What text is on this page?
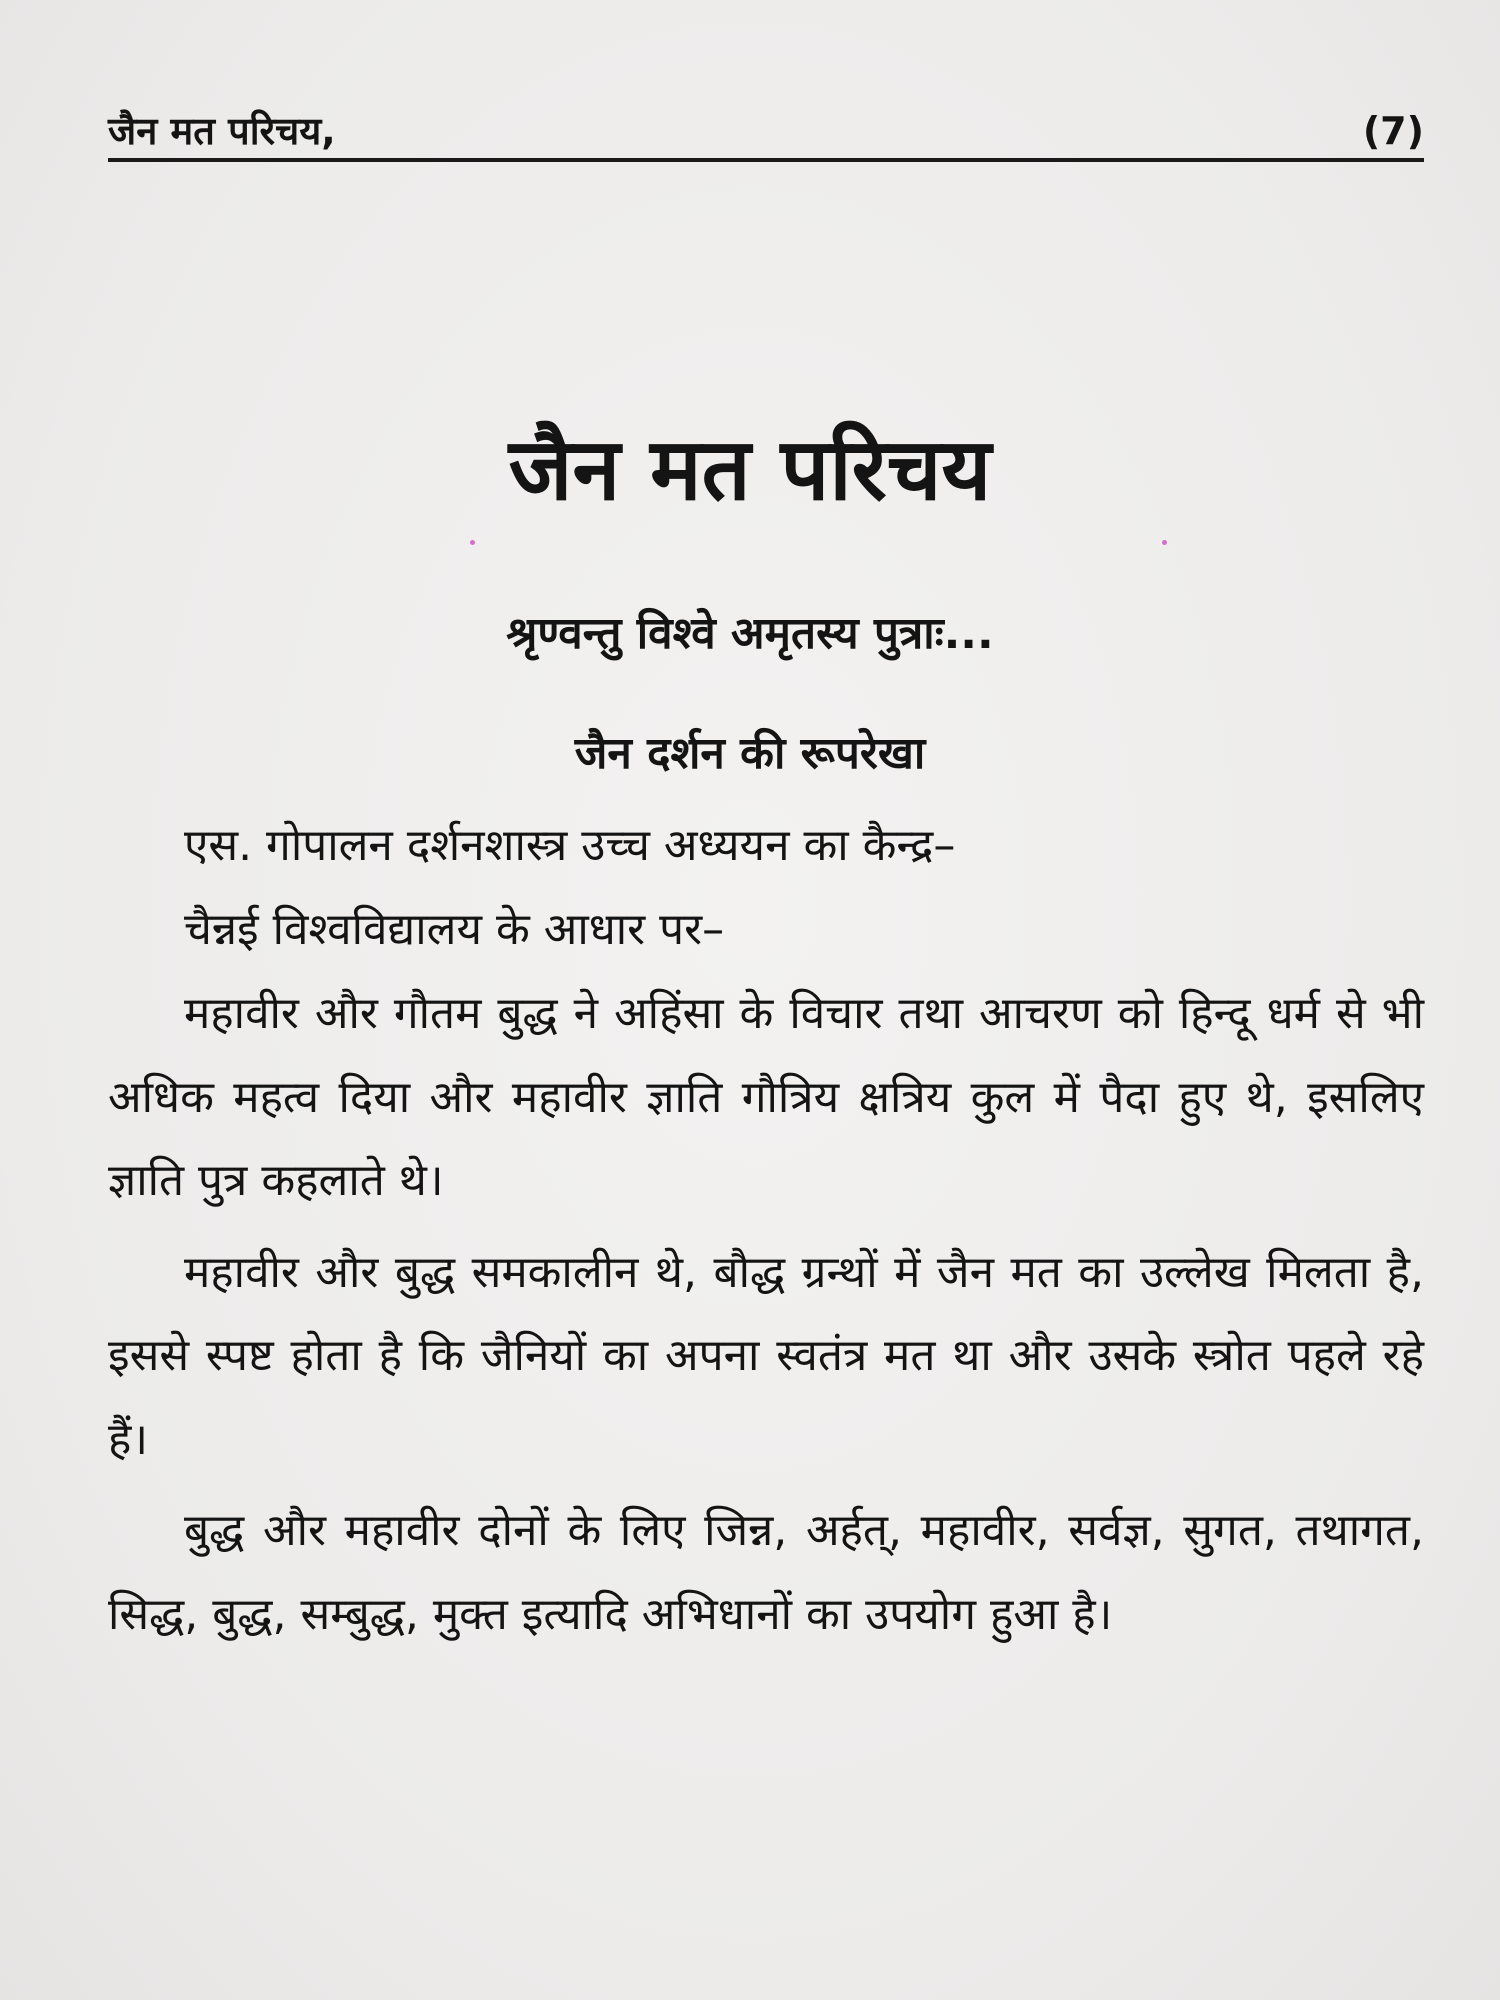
जैन मत परिचय,	(7)
जैन मत परिचय
श्रृण्वन्तु विश्वे अमृतस्य पुत्राः...
जैन दर्शन की रूपरेखा
एस. गोपालन दर्शनशास्त्र उच्च अध्ययन का कैन्द्र–
चैन्नई विश्वविद्यालय के आधार पर–

महावीर और गौतम बुद्ध ने अहिंसा के विचार तथा आचरण को हिन्दू धर्म से भी अधिक महत्व दिया और महावीर ज्ञाति गौत्रिय क्षत्रिय कुल में पैदा हुए थे, इसलिए ज्ञाति पुत्र कहलाते थे।

महावीर और बुद्ध समकालीन थे, बौद्ध ग्रन्थों में जैन मत का उल्लेख मिलता है, इससे स्पष्ट होता है कि जैनियों का अपना स्वतंत्र मत था और उसके स्त्रोत पहले रहे हैं।

बुद्ध और महावीर दोनों के लिए जिन्न, अर्हत्, महावीर, सर्वज्ञ, सुगत, तथागत, सिद्ध, बुद्ध, सम्बुद्ध, मुक्त इत्यादि अभिधानों का उपयोग हुआ है।
